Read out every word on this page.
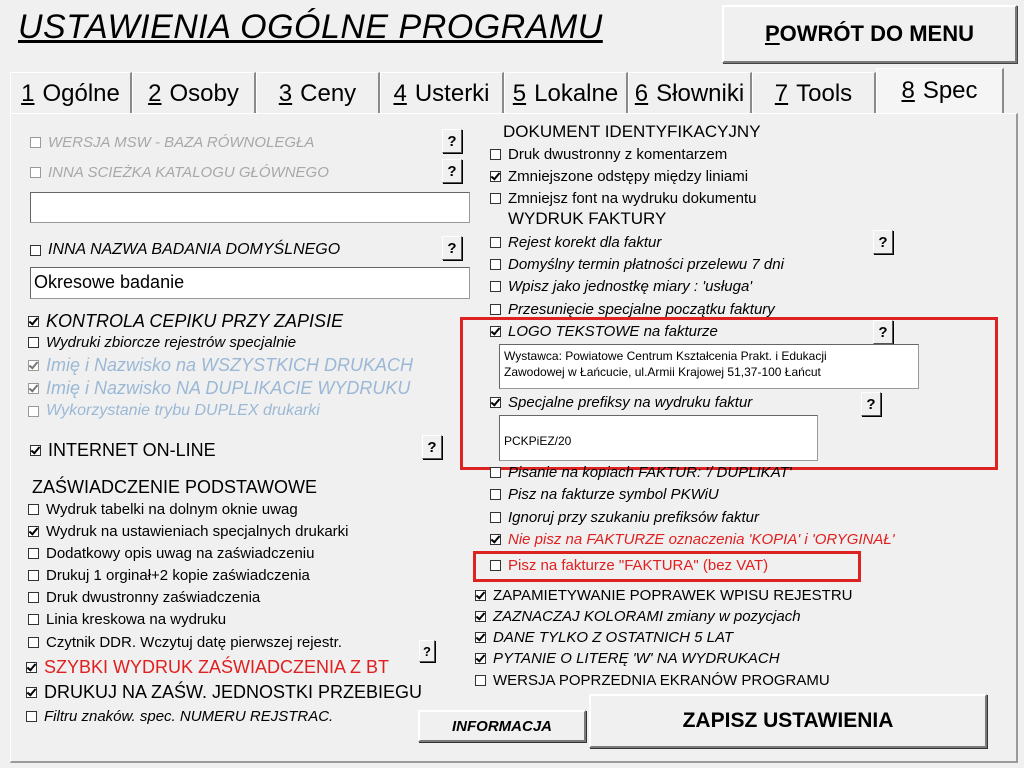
USTAWIENIA OGÓLNE PROGRAMU	P OWRÓT DO MENU
1 Ogólne 2 Osoby 3 Ceny 4 Usterki 5 Lokalne 6 Słowniki 7 Tools 8 Spec
WERSJA MSW - BAZA RÓWNOLEGŁA	?
INNA SCIEŻKA KATALOGU GŁÓWNEGO	?
INNA NAZWA BADANIA DOMYŚLNEGO	?
Okresowe badanie
KONTROLA CEPIKU PRZY ZAPISIE
Wydruki zbiorcze rejestrów specjalnie
Imię i Nazwisko na WSZYSTKICH DRUKACH
Imię i Nazwisko NA DUPLIKACIE WYDRUKU
Wykorzystanie trybu DUPLEX drukarki
INTERNET ON-LINE	?
ZAŚWIADCZENIE PODSTAWOWE
Wydruk tabelki na dolnym oknie uwag
Wydruk na ustawieniach specjalnych drukarki
Dodatkowy opis uwag na zaświadczeniu
Drukuj 1 orginał+2 kopie zaświadczenia
Druk dwustronny zaświadczenia
Linia kreskowa na wydruku
Czytnik DDR. Wczytuj datę pierwszej rejestr.	?
SZYBKI WYDRUK ZAŚWIADCZENIA Z BT
DRUKUJ NA ZAŚW. JEDNOSTKI PRZEBIEGU
Filtru znaków. spec. NUMERU REJSTRAC.
DOKUMENT IDENTYFIKACYJNY
Druk dwustronny z komentarzem
Zmniejszone odstępy między liniami
Zmniejsz font na wydruku dokumentu
WYDRUK FAKTURY
Rejest korekt dla faktur	?
Domyślny termin płatności przelewu 7 dni
Wpisz jako jednostkę miary : 'usługa'
Przesunięcie specjalne początku faktury
LOGO TEKSTOWE na fakturze	?
Wystawca: Powiatowe Centrum Kształcenia Prakt. i Edukacji
Zawodowej w Łańcucie, ul.Armii Krajowej 51,37-100 Łańcut
Specjalne prefiksy na wydruku faktur	?
PCKPiEZ/20
Pisanie na kopiach FAKTUR: '/ DUPLIKAT'
Pisz na fakturze symbol PKWiU
Ignoruj przy szukaniu prefiksów faktur
Nie pisz na FAKTURZE oznaczenia 'KOPIA' i 'ORYGINAŁ'
Pisz na fakturze "FAKTURA" (bez VAT)
ZAPAMIETYWANIE POPRAWEK WPISU REJESTRU
ZAZNACZAJ KOLORAMI zmiany w pozycjach
DANE TYLKO Z OSTATNICH 5 LAT
PYTANIE O LITERĘ 'W' NA WYDRUKACH
WERSJA POPRZEDNIA EKRANÓW PROGRAMU
INFORMACJA	ZAPISZ USTAWIENIA
